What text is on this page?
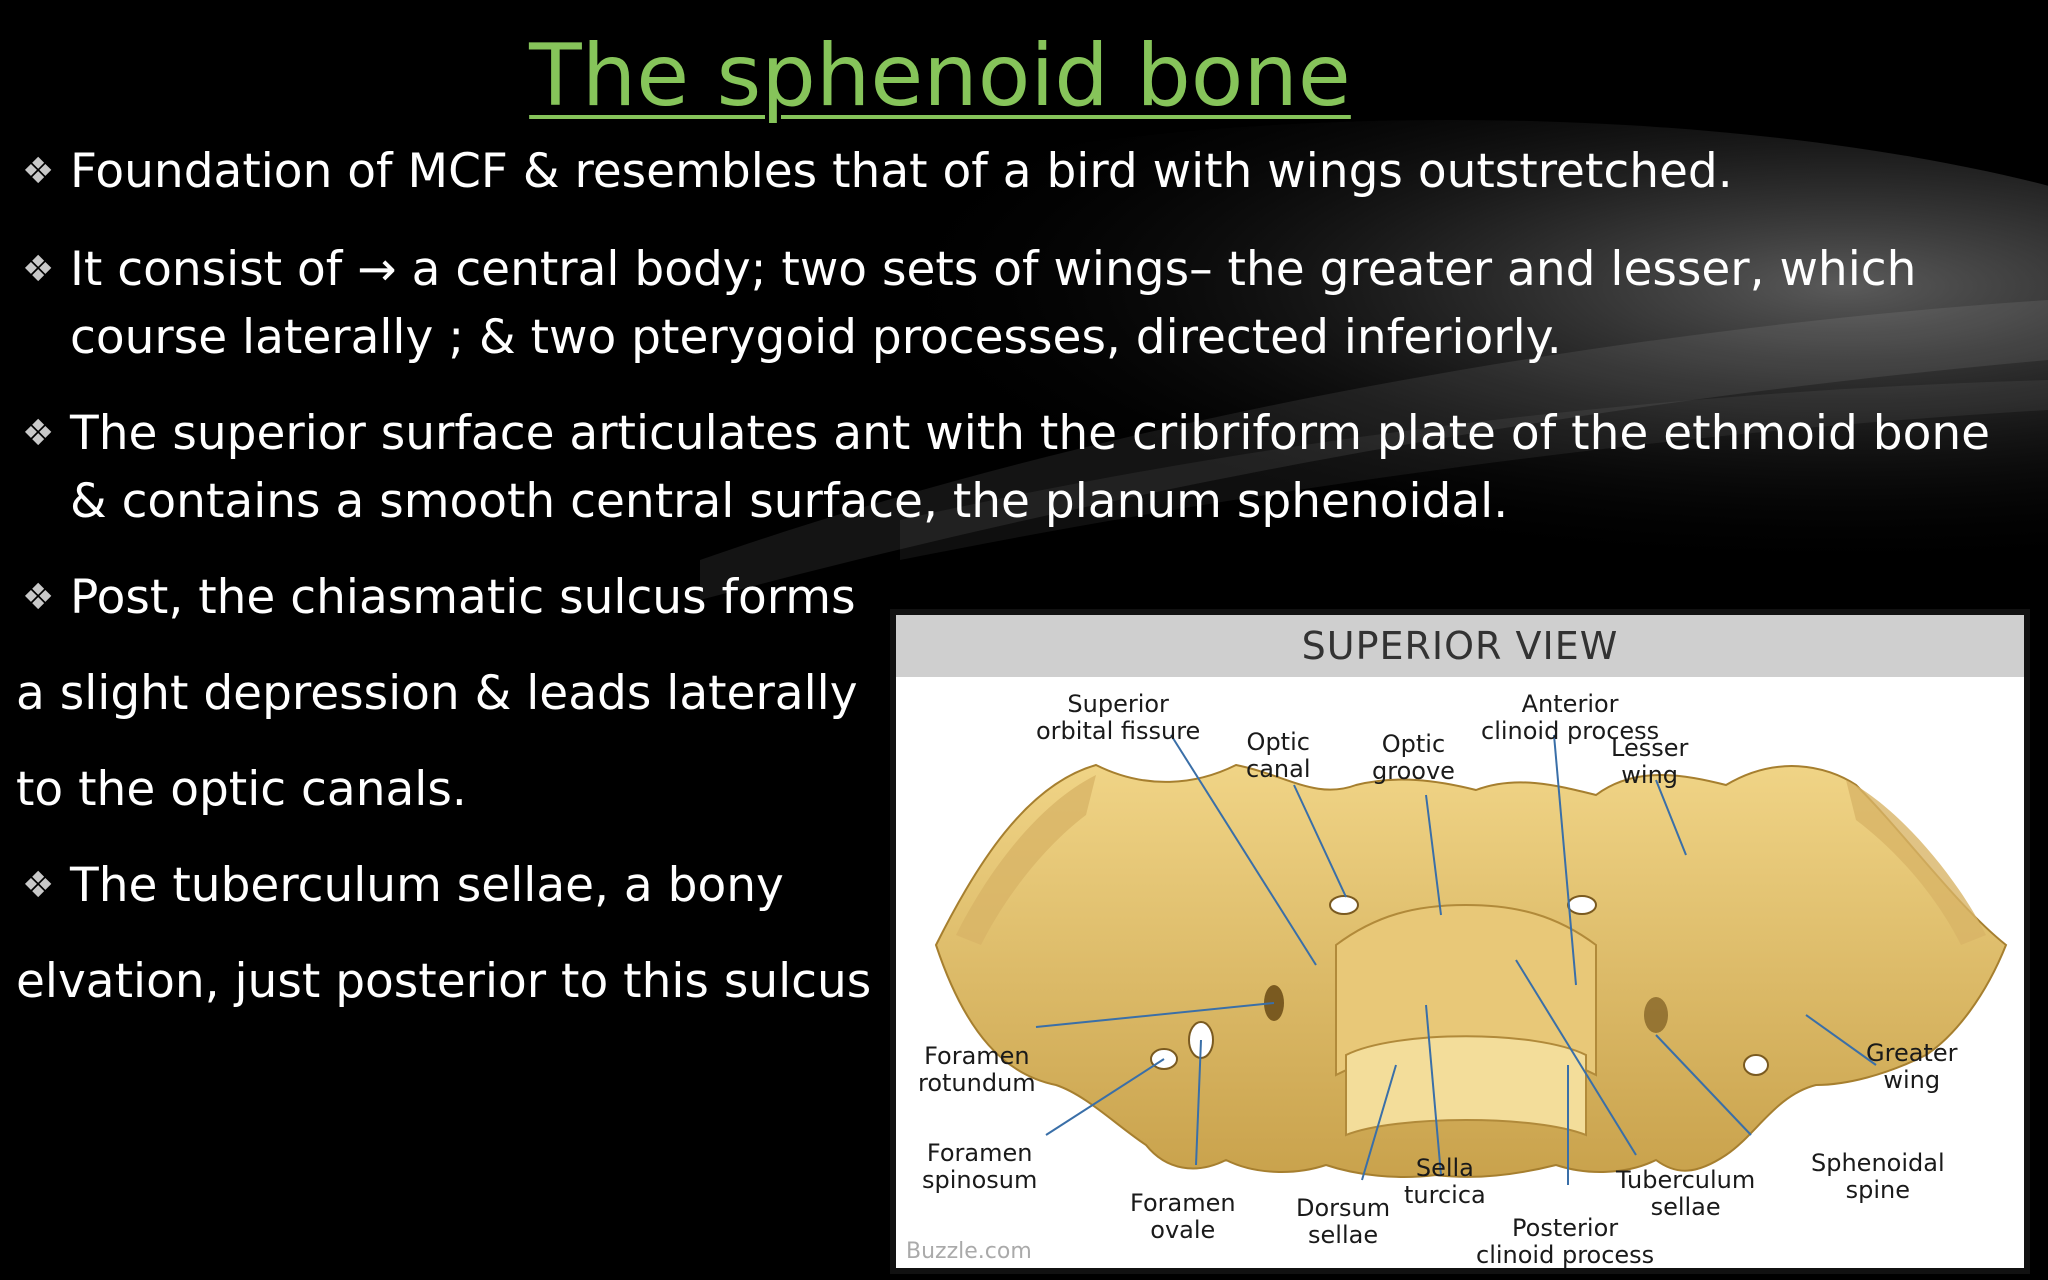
The sphenoid bone
❖ Foundation of MCF & resembles that of a bird with wings outstretched.
❖ It consist of → a central body; two sets of wings– the greater and lesser, which
course laterally ; & two pterygoid processes, directed inferiorly.
❖ The superior surface articulates ant with the cribriform plate of the ethmoid bone
& contains a smooth central surface, the planum sphenoidal.
❖ Post, the chiasmatic sulcus forms
a slight depression & leads laterally
to the optic canals.
❖ The tuberculum sellae, a bony
elvation, just posterior to this sulcus
SUPERIOR VIEW
Superior
orbital fissure
Anterior
clinoid process
Optic
canal
Optic
groove
Lesser
wing
Foramen
rotundum
Greater
wing
Foramen
spinosum	Sella
turcica
Sphenoidal
spine
Tuberculum
sellae
Foramen
ovale
Dorsum
sellae	Posterior
clinoid process
Buzzle.com
